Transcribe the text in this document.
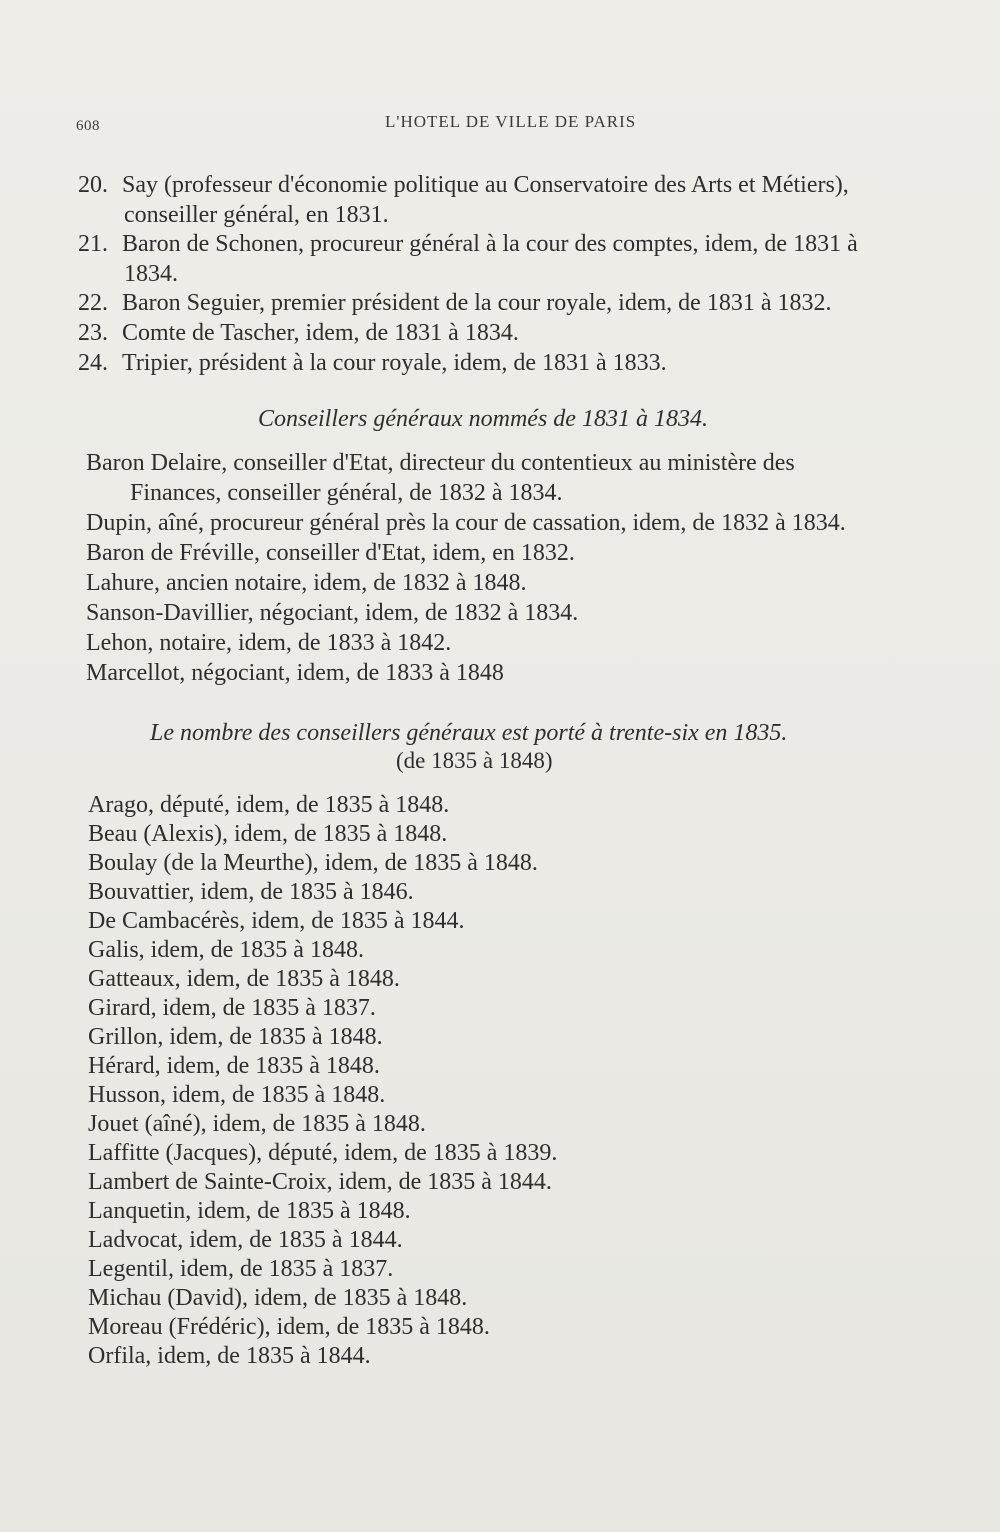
608	L'HOTEL DE VILLE DE PARIS
20. Say (professeur d'économie politique au Conservatoire des Arts et Métiers),
conseiller général, en 1831.
21. Baron de Schonen, procureur général à la cour des comptes, idem, de 1831 à
1834.
22. Baron Seguier, premier président de la cour royale, idem, de 1831 à 1832.
23. Comte de Tascher, idem, de 1831 à 1834.
24. Tripier, président à la cour royale, idem, de 1831 à 1833.
Conseillers généraux nommés de 1831 à 1834.
Baron Delaire, conseiller d'Etat, directeur du contentieux au ministère des
Finances, conseiller général, de 1832 à 1834.
Dupin, aîné, procureur général près la cour de cassation, idem, de 1832 à 1834.
Baron de Fréville, conseiller d'Etat, idem, en 1832.
Lahure, ancien notaire, idem, de 1832 à 1848.
Sanson-Davillier, négociant, idem, de 1832 à 1834.
Lehon, notaire, idem, de 1833 à 1842.
Marcellot, négociant, idem, de 1833 à 1848
Le nombre des conseillers généraux est porté à trente-six en 1835.
(de 1835 à 1848)
Arago, député, idem, de 1835 à 1848.
Beau (Alexis), idem, de 1835 à 1848.
Boulay (de la Meurthe), idem, de 1835 à 1848.
Bouvattier, idem, de 1835 à 1846.
De Cambacérès, idem, de 1835 à 1844.
Galis, idem, de 1835 à 1848.
Gatteaux, idem, de 1835 à 1848.
Girard, idem, de 1835 à 1837.
Grillon, idem, de 1835 à 1848.
Hérard, idem, de 1835 à 1848.
Husson, idem, de 1835 à 1848.
Jouet (aîné), idem, de 1835 à 1848.
Laffitte (Jacques), député, idem, de 1835 à 1839.
Lambert de Sainte-Croix, idem, de 1835 à 1844.
Lanquetin, idem, de 1835 à 1848.
Ladvocat, idem, de 1835 à 1844.
Legentil, idem, de 1835 à 1837.
Michau (David), idem, de 1835 à 1848.
Moreau (Frédéric), idem, de 1835 à 1848.
Orfila, idem, de 1835 à 1844.
